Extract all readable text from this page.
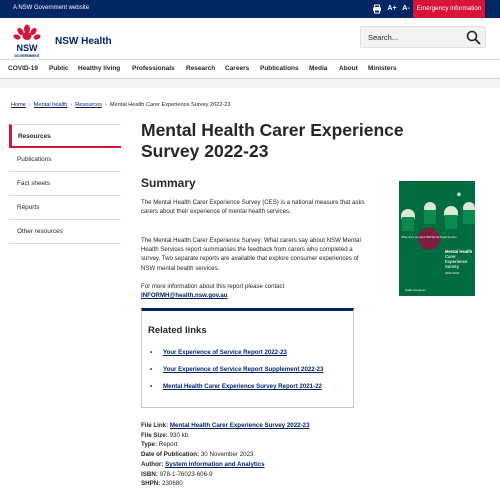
A NSW Government website	A+ A-	Emergency information
NSW
GOVERNMENT
NSW Health	Search...
COVID-19 Public Healthy living Professionals Research Careers Publications Media About Ministers
Home › Mental health › Resources › Mental Health Carer Experience Survey 2022-23
Resources
Publications
Fact sheets
Reports
Other resources
Mental Health Carer Experience Survey 2022-23
Summary

The Mental Health Carer Experience Survey (CES) is a national measure that asks carers about their experience of mental health services.

The Mental Health Carer Experience Survey: What carers say about NSW Mental Health Services report summarises the feedback from carers who completed a survey. Two separate reports are available that explore consumer experiences of NSW mental health services.

For more information about this report please contact
INFORMH@health.nsw.gov.au

❀
What carers say about NSW Mental Health Services
Mental Health
Carer
Experience
Survey
2022-2023
health.nsw.gov.au
Related links
• Your Experience of Service Report 2022-23
• Your Experience of Service Report Supplement 2022-23
• Mental Health Carer Experience Survey Report 2021-22
File Link: Mental Health Carer Experience Survey 2022-23
File Size: 930 kb
Type: Report
Date of Publication: 30 November 2023
Author: System Information and Analytics
ISBN: 978-1-76023-606-9
SHPN: 230680
